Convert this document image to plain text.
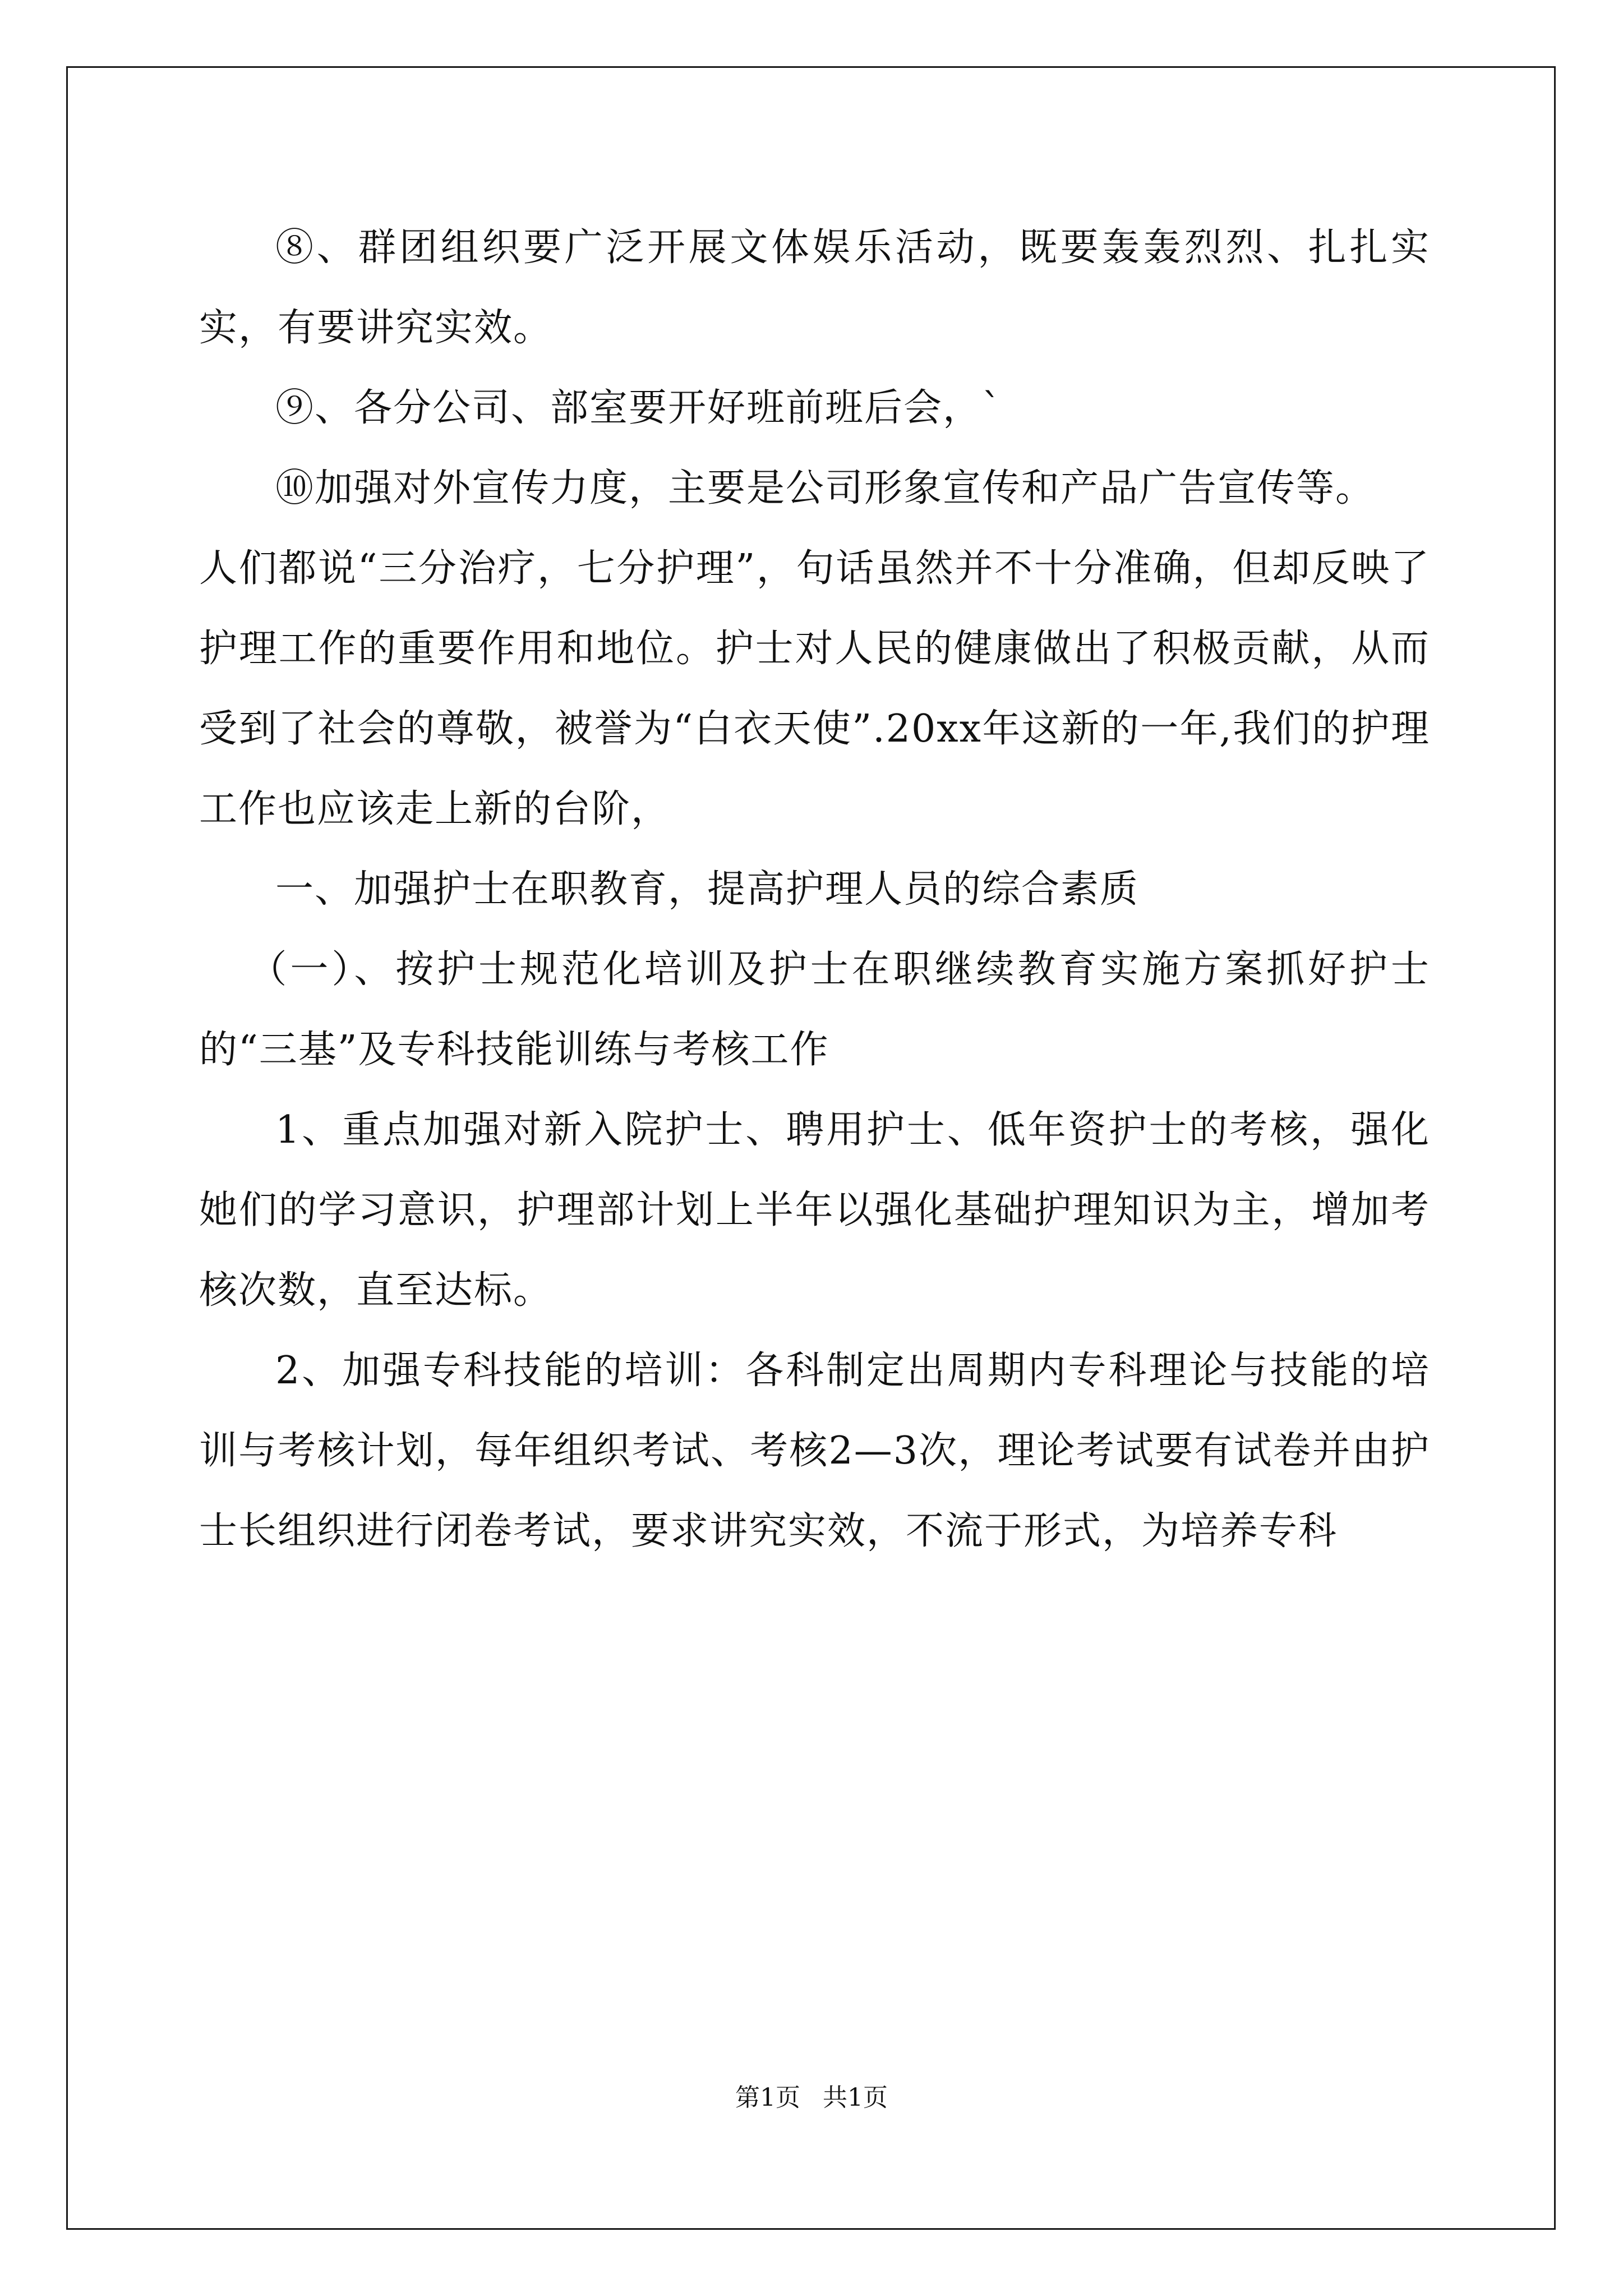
⑧、群团组织要广泛开展文体娱乐活动，既要轰轰烈烈、扎扎实实，有要讲究实效。

⑨、各分公司、部室要开好班前班后会，`

⑩加强对外宣传力度，主要是公司形象宣传和产品广告宣传等。

人们都说“三分治疗，七分护理”，句话虽然并不十分准确，但却反映了护理工作的重要作用和地位。护士对人民的健康做出了积极贡献，从而受到了社会的尊敬，被誉为“白衣天使”.20xx年这新的一年,我们的护理工作也应该走上新的台阶，

一、加强护士在职教育，提高护理人员的综合素质

（一）、按护士规范化培训及护士在职继续教育实施方案抓好护士的“三基”及专科技能训练与考核工作

1、重点加强对新入院护士、聘用护士、低年资护士的考核，强化她们的学习意识，护理部计划上半年以强化基础护理知识为主，增加考核次数，直至达标。

2、加强专科技能的培训：各科制定出周期内专科理论与技能的培训与考核计划，每年组织考试、考核2—3次，理论考试要有试卷并由护士长组织进行闭卷考试，要求讲究实效，不流于形式，为培养专科

第1页 共1页
